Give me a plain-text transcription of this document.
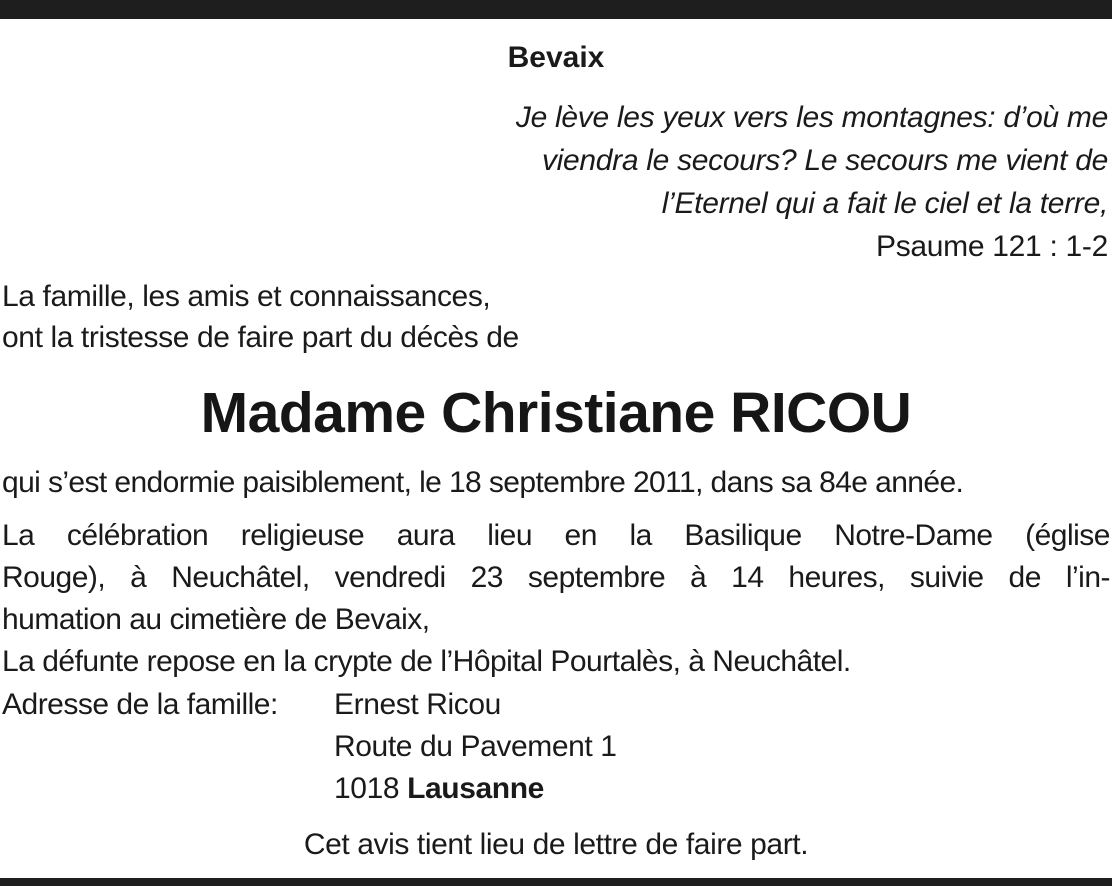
Bevaix
Je lève les yeux vers les montagnes: d’où me
viendra le secours? Le secours me vient de
l’Eternel qui a fait le ciel et la terre,
Psaume 121 : 1-2
La famille, les amis et connaissances,
ont la tristesse de faire part du décès de
Madame Christiane RICOU
qui s’est endormie paisiblement, le 18 septembre 2011, dans sa 84e année.
La célébration religieuse aura lieu en la Basilique Notre-Dame (église
Rouge), à Neuchâtel, vendredi 23 septembre à 14 heures, suivie de l’in-
humation au cimetière de Bevaix,
La défunte repose en la crypte de l’Hôpital Pourtalès, à Neuchâtel.
Adresse de la famille: Ernest Ricou
Route du Pavement 1
1018 Lausanne
Cet avis tient lieu de lettre de faire part.
